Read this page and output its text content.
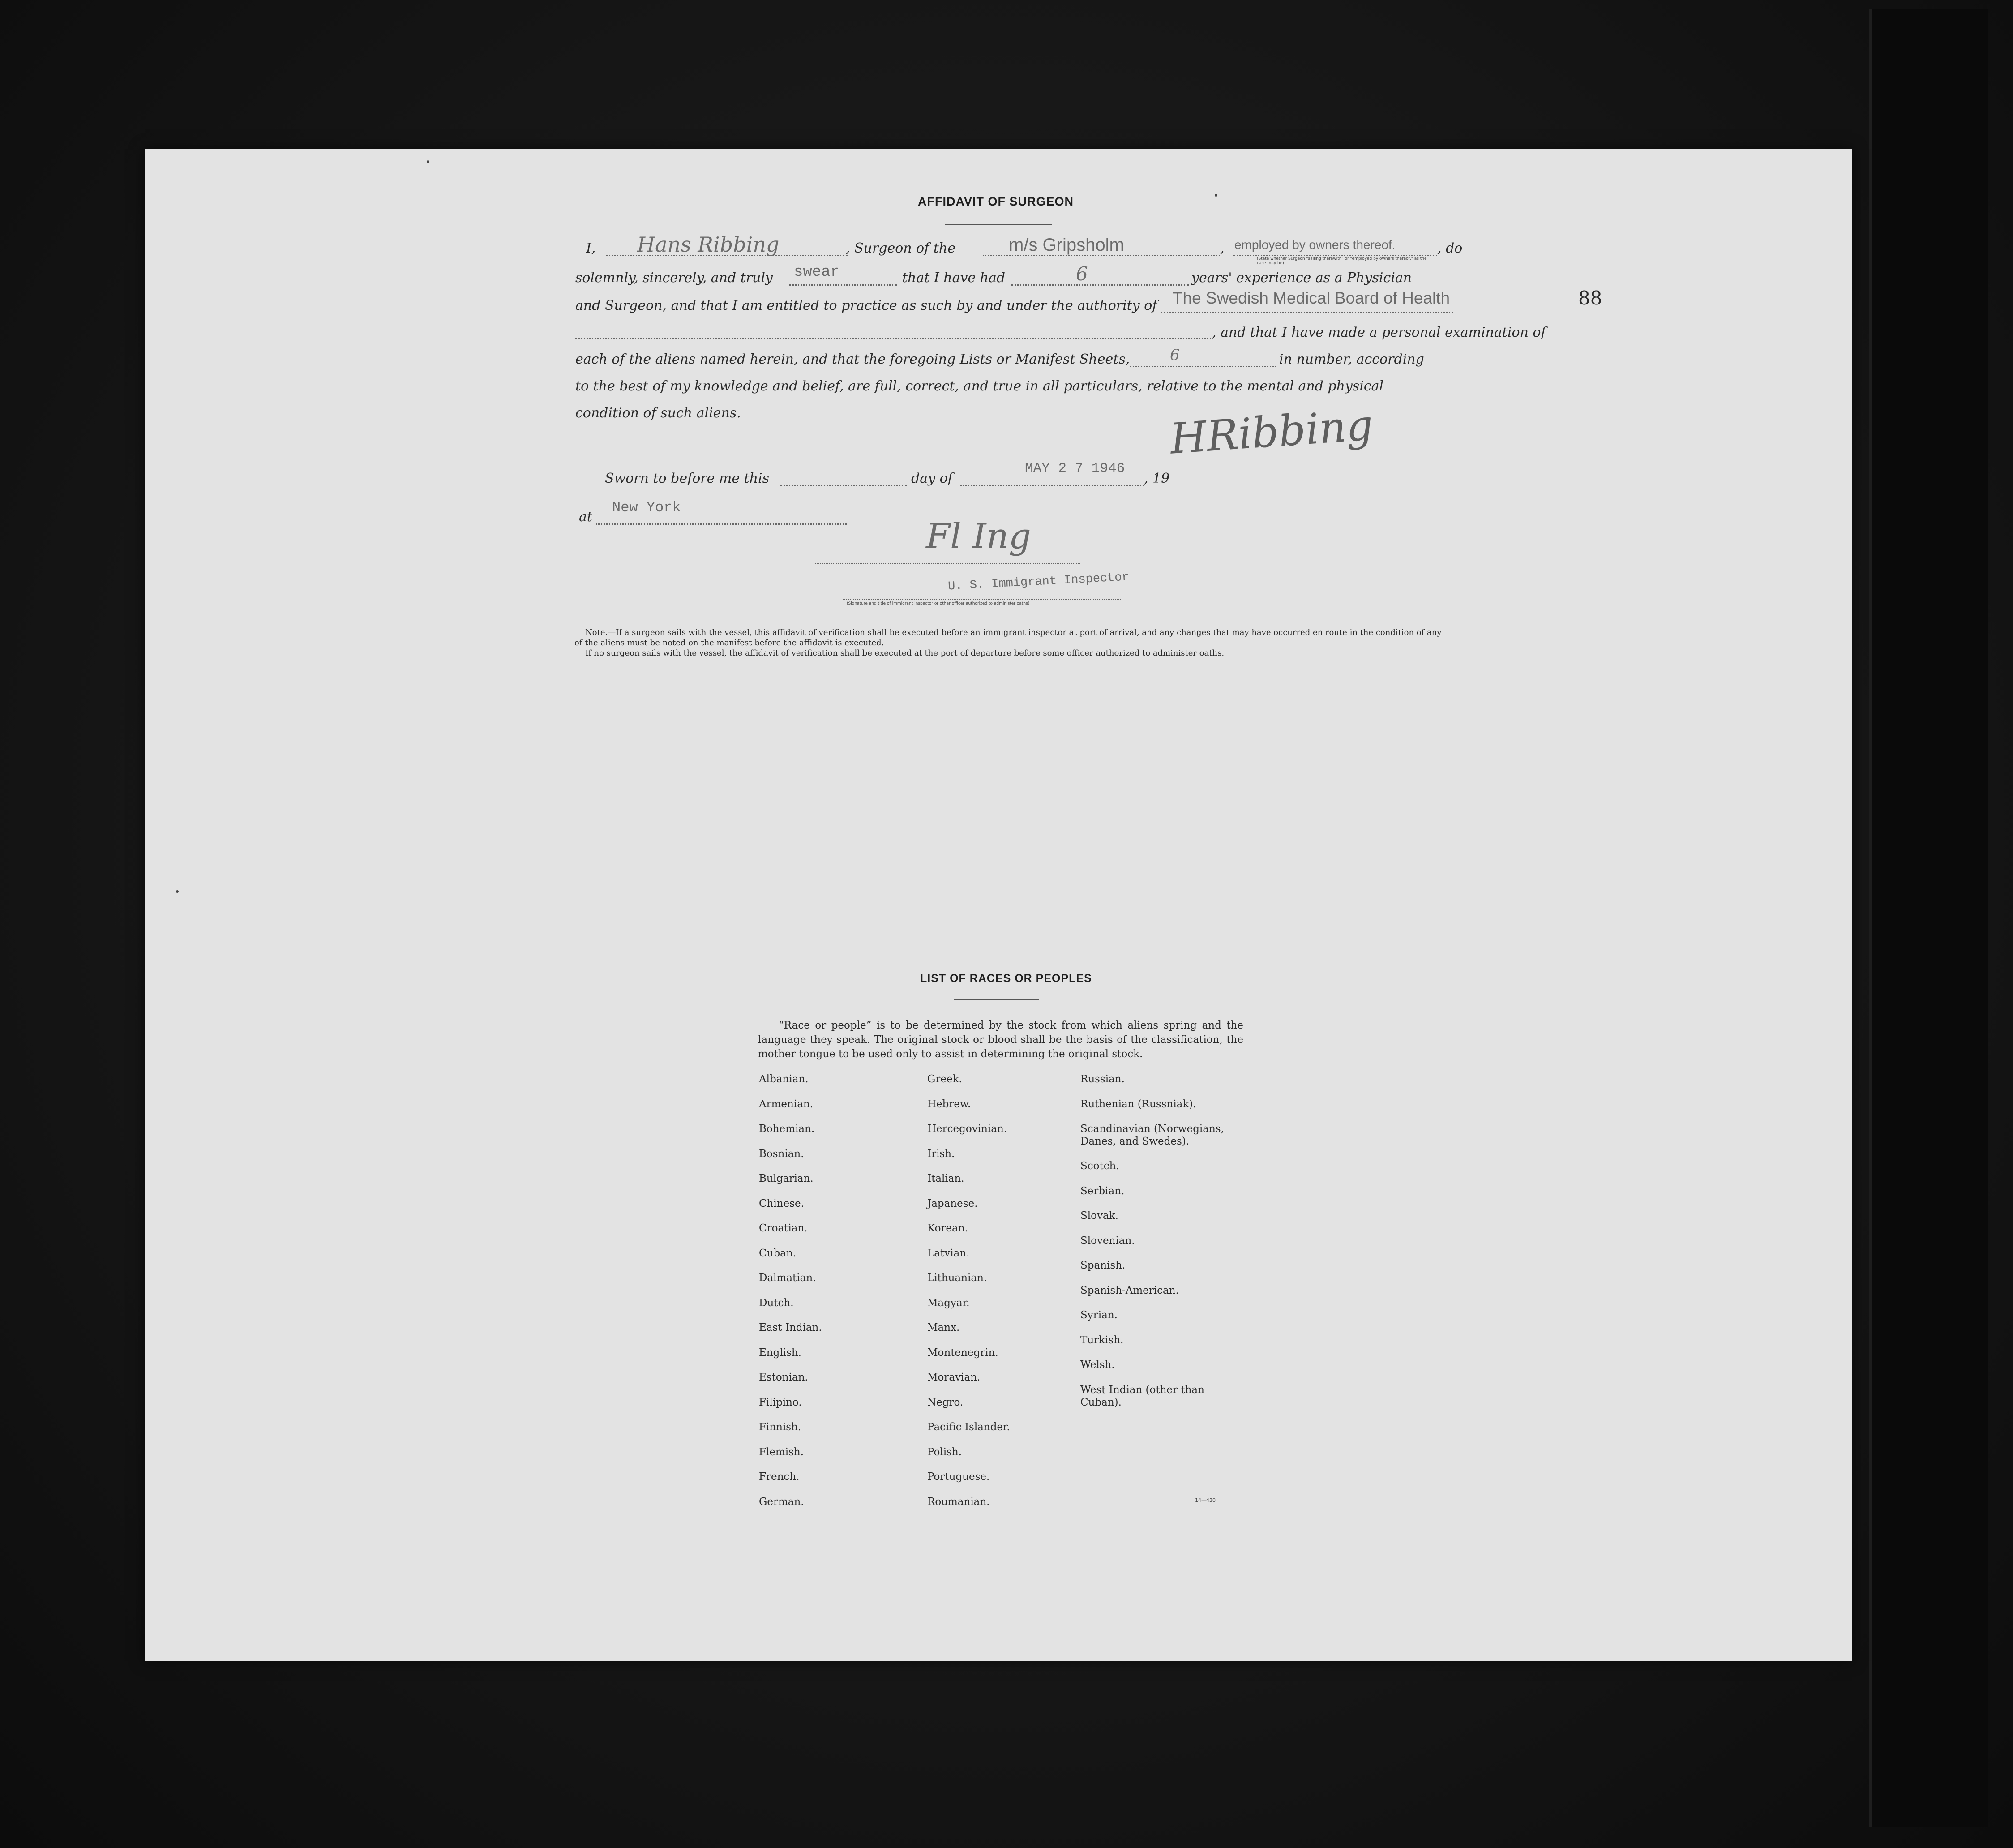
AFFIDAVIT OF SURGEON
88
I, Hans Ribbing	, Surgeon of the	m/s Gripsholm	, employed by owners thereof.
(State whether Surgeon "sailing therewith" or "employed by owners thereof," as the case may be)
, do
solemnly, sincerely, and truly swear	that I have had	6	years' experience as a Physician
and Surgeon, and that I am entitled to practice as such by and under the authority of The Swedish Medical Board of Health
, and that I have made a personal examination of
each of the aliens named herein, and that the foregoing Lists or Manifest Sheets,	6	in number, according
to the best of my knowledge and belief, are full, correct, and true in all particulars, relative to the mental and physical
condition of such aliens.	HRibbing
Sworn to before me this	day of
MAY 2 7 1946
, 19
at
New York
Fl Ing
U. S. Immigrant Inspector
(Signature and title of immigrant inspector or other officer authorized to administer oaths)
Note.—If a surgeon sails with the vessel, this affidavit of verification shall be executed before an immigrant inspector at port of arrival, and any changes that may have occurred en route in the condition of any of the aliens must be noted on the manifest before the affidavit is executed.
If no surgeon sails with the vessel, the affidavit of verification shall be executed at the port of departure before some officer authorized to administer oaths.
LIST OF RACES OR PEOPLES
“Race or people” is to be determined by the stock from which aliens spring and the language they speak. The original stock or blood shall be the basis of the classification, the mother tongue to be used only to assist in determining the original stock.
Albanian.
Armenian.
Bohemian.
Bosnian.
Bulgarian.
Chinese.
Croatian.
Cuban.
Dalmatian.
Dutch.
East Indian.
English.
Estonian.
Filipino.
Finnish.
Flemish.
French.
German.
Greek.
Hebrew.
Hercegovinian.
Irish.
Italian.
Japanese.
Korean.
Latvian.
Lithuanian.
Magyar.
Manx.
Montenegrin.
Moravian.
Negro.
Pacific Islander.
Polish.
Portuguese.
Roumanian.
Russian.
Ruthenian (Russniak).
Scandinavian (Norwegians,
Danes, and Swedes).
Scotch.
Serbian.
Slovak.
Slovenian.
Spanish.
Spanish-American.
Syrian.
Turkish.
Welsh.
West Indian (other than
Cuban).
14—430
